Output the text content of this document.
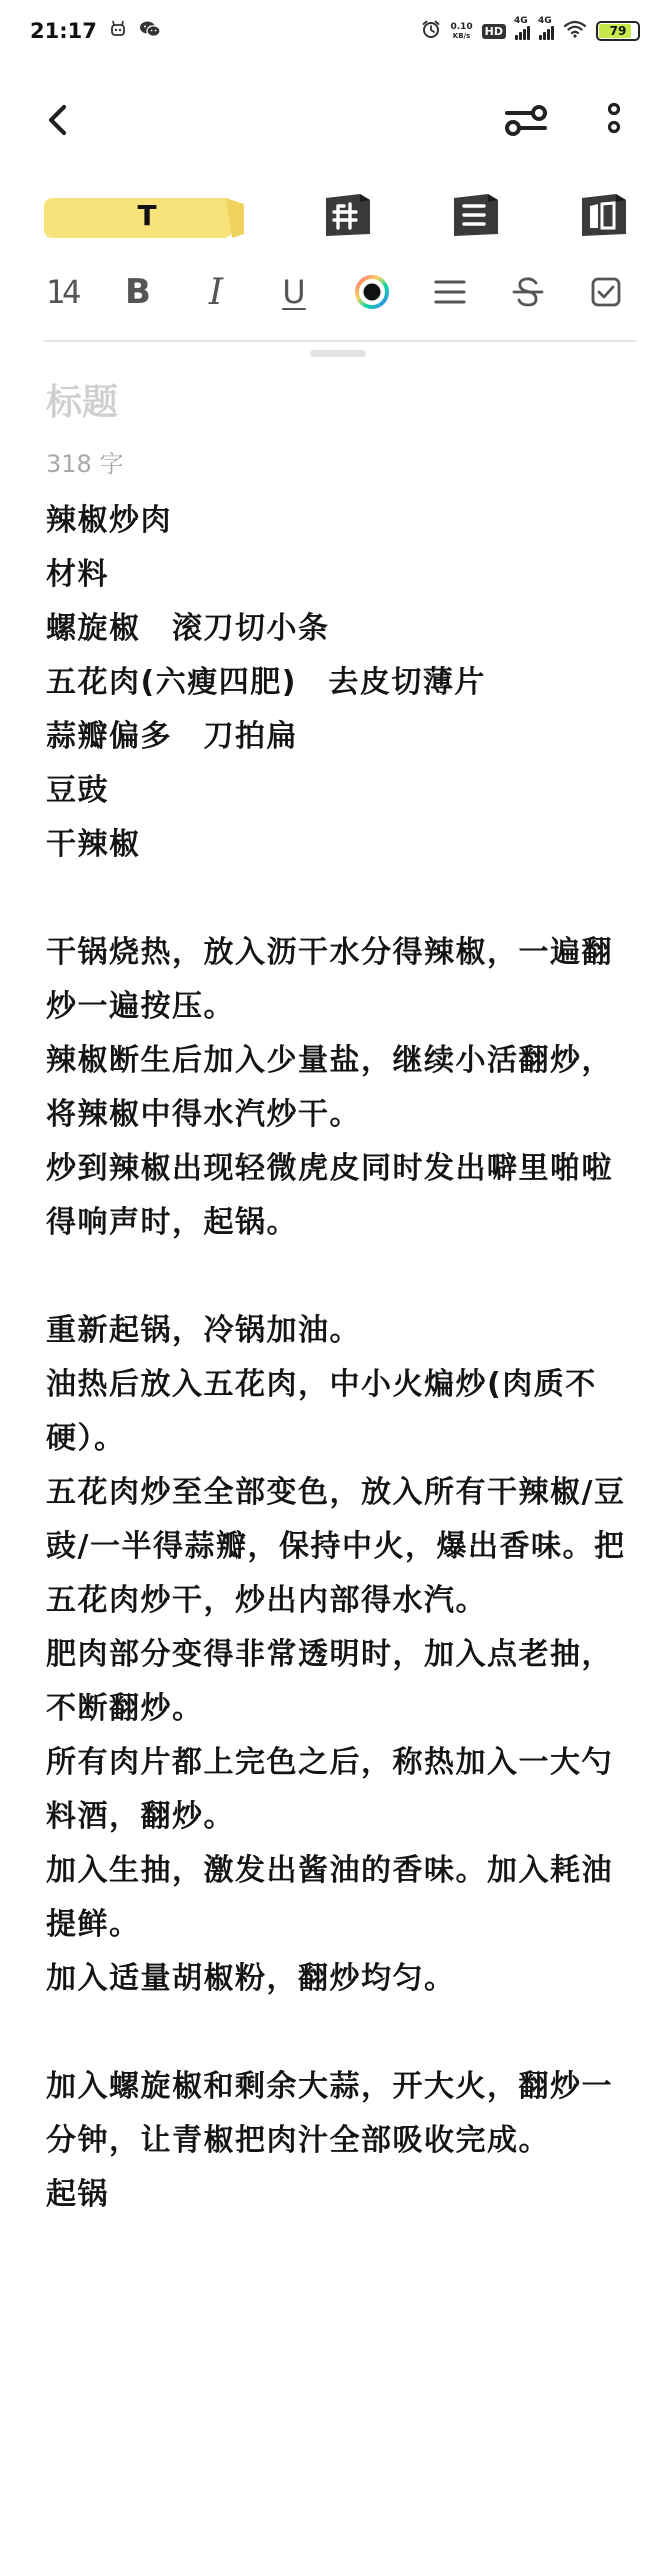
21:17	0.10
KB/s HD
4G 4G
79
T
14	B	I	U
标题
318 字
辣椒炒肉
材料
螺旋椒　滚刀切小条
五花肉(六瘦四肥)　去皮切薄片
蒜瓣偏多　刀拍扁
豆豉
干辣椒
干锅烧热，放入沥干水分得辣椒，一遍翻炒一遍按压。
辣椒断生后加入少量盐，继续小活翻炒，将辣椒中得水汽炒干。
炒到辣椒出现轻微虎皮同时发出噼里啪啦得响声时，起锅。
重新起锅，冷锅加油。
油热后放入五花肉，中小火煸炒(肉质不硬）。
五花肉炒至全部变色，放入所有干辣椒/豆豉/一半得蒜瓣，保持中火，爆出香味。把五花肉炒干，炒出内部得水汽。
肥肉部分变得非常透明时，加入点老抽，不断翻炒。
所有肉片都上完色之后，称热加入一大勺料酒，翻炒。
加入生抽，激发出酱油的香味。加入耗油提鲜。
加入适量胡椒粉，翻炒均匀。
加入螺旋椒和剩余大蒜，开大火，翻炒一分钟，让青椒把肉汁全部吸收完成。
起锅
